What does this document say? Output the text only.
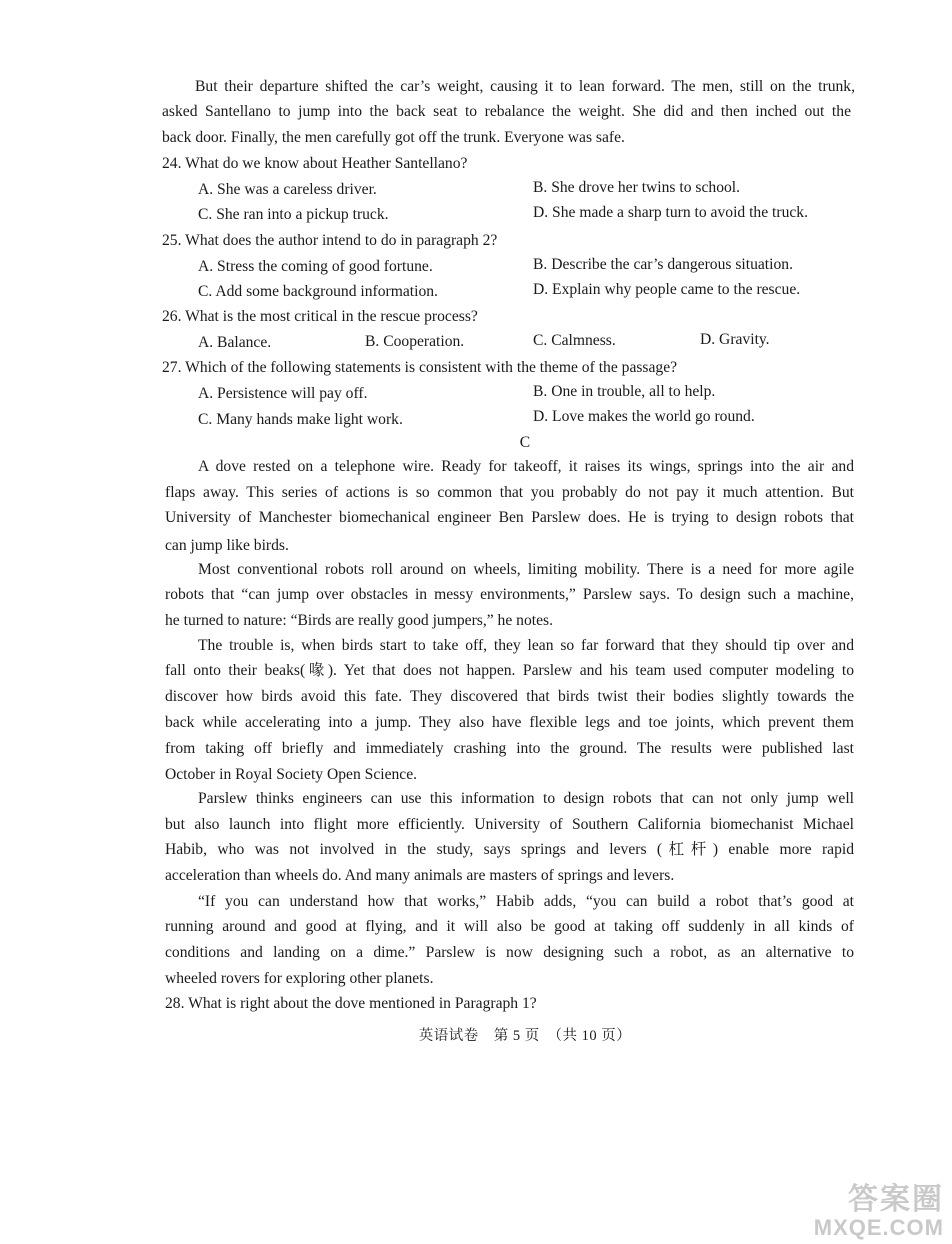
But their departure shifted the car’s weight, causing it to lean forward. The men, still on the trunk,
asked Santellano to jump into the back seat to rebalance the weight. She did and then inched out the
back door. Finally, the men carefully got off the trunk. Everyone was safe.
24. What do we know about Heather Santellano?
A. She was a careless driver.	B. She drove her twins to school.
C. She ran into a pickup truck.	D. She made a sharp turn to avoid the truck.
25. What does the author intend to do in paragraph 2?
A. Stress the coming of good fortune.	B. Describe the car’s dangerous situation.
C. Add some background information.	D. Explain why people came to the rescue.
26. What is the most critical in the rescue process?
A. Balance.	B. Cooperation.	C. Calmness.	D. Gravity.
27. Which of the following statements is consistent with the theme of the passage?
A. Persistence will pay off.	B. One in trouble, all to help.
C. Many hands make light work.	D. Love makes the world go round.
C
A dove rested on a telephone wire. Ready for takeoff, it raises its wings, springs into the air and
flaps away. This series of actions is so common that you probably do not pay it much attention. But
University of Manchester biomechanical engineer Ben Parslew does. He is trying to design robots that
can jump like birds.
Most conventional robots roll around on wheels, limiting mobility. There is a need for more agile
robots that “can jump over obstacles in messy environments,” Parslew says. To design such a machine,
he turned to nature: “Birds are really good jumpers,” he notes.
The trouble is, when birds start to take off, they lean so far forward that they should tip over and
fall onto their beaks(喙). Yet that does not happen. Parslew and his team used computer modeling to
discover how birds avoid this fate. They discovered that birds twist their bodies slightly towards the
back while accelerating into a jump. They also have flexible legs and toe joints, which prevent them
from taking off briefly and immediately crashing into the ground. The results were published last
October in Royal Society Open Science.
Parslew thinks engineers can use this information to design robots that can not only jump well
but also launch into flight more efficiently. University of Southern California biomechanist Michael
Habib, who was not involved in the study, says springs and levers (杠杆) enable more rapid
acceleration than wheels do. And many animals are masters of springs and levers.
“If you can understand how that works,” Habib adds, “you can build a robot that’s good at
running around and good at flying, and it will also be good at taking off suddenly in all kinds of
conditions and landing on a dime.” Parslew is now designing such a robot, as an alternative to
wheeled rovers for exploring other planets.
28. What is right about the dove mentioned in Paragraph 1?
英语试卷　第 5 页　（共 10 页）
答案圈
MXQE.COM
